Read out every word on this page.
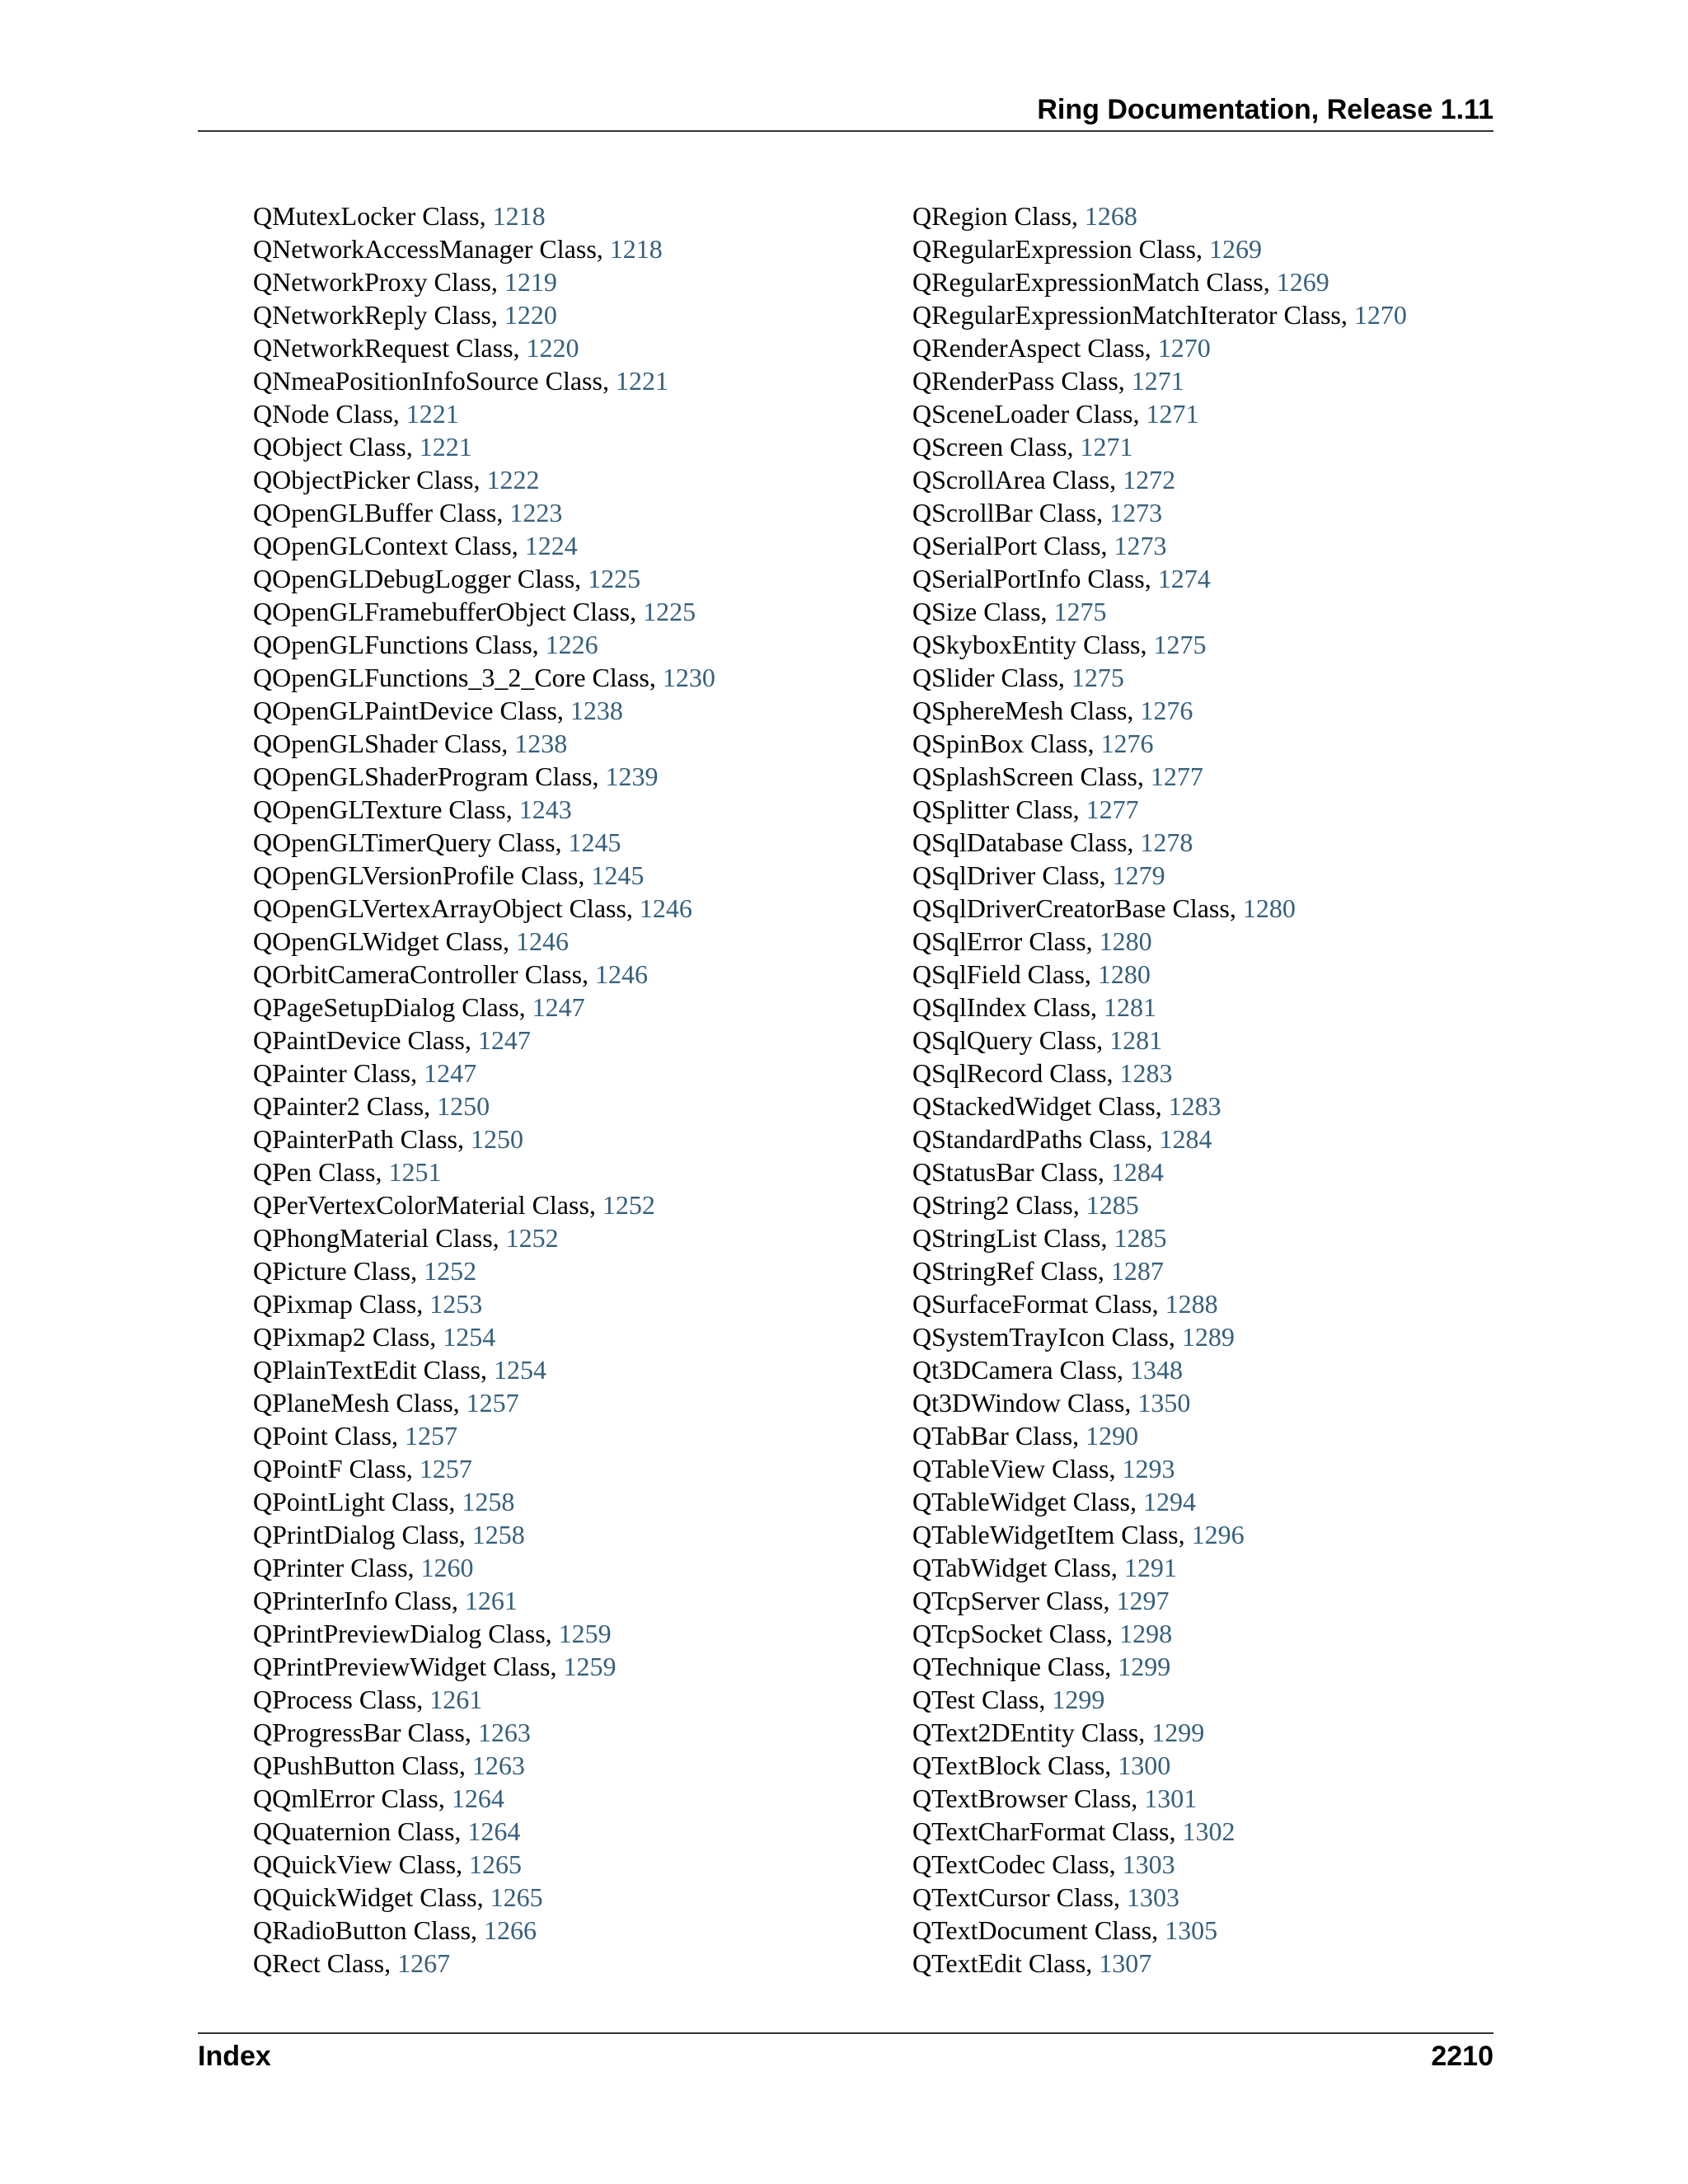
Ring Documentation, Release 1.11
QMutexLocker Class, 1218
QNetworkAccessManager Class, 1218
QNetworkProxy Class, 1219
QNetworkReply Class, 1220
QNetworkRequest Class, 1220
QNmeaPositionInfoSource Class, 1221
QNode Class, 1221
QObject Class, 1221
QObjectPicker Class, 1222
QOpenGLBuffer Class, 1223
QOpenGLContext Class, 1224
QOpenGLDebugLogger Class, 1225
QOpenGLFramebufferObject Class, 1225
QOpenGLFunctions Class, 1226
QOpenGLFunctions_3_2_Core Class, 1230
QOpenGLPaintDevice Class, 1238
QOpenGLShader Class, 1238
QOpenGLShaderProgram Class, 1239
QOpenGLTexture Class, 1243
QOpenGLTimerQuery Class, 1245
QOpenGLVersionProfile Class, 1245
QOpenGLVertexArrayObject Class, 1246
QOpenGLWidget Class, 1246
QOrbitCameraController Class, 1246
QPageSetupDialog Class, 1247
QPaintDevice Class, 1247
QPainter Class, 1247
QPainter2 Class, 1250
QPainterPath Class, 1250
QPen Class, 1251
QPerVertexColorMaterial Class, 1252
QPhongMaterial Class, 1252
QPicture Class, 1252
QPixmap Class, 1253
QPixmap2 Class, 1254
QPlainTextEdit Class, 1254
QPlaneMesh Class, 1257
QPoint Class, 1257
QPointF Class, 1257
QPointLight Class, 1258
QPrintDialog Class, 1258
QPrinter Class, 1260
QPrinterInfo Class, 1261
QPrintPreviewDialog Class, 1259
QPrintPreviewWidget Class, 1259
QProcess Class, 1261
QProgressBar Class, 1263
QPushButton Class, 1263
QQmlError Class, 1264
QQuaternion Class, 1264
QQuickView Class, 1265
QQuickWidget Class, 1265
QRadioButton Class, 1266
QRect Class, 1267
QRegion Class, 1268
QRegularExpression Class, 1269
QRegularExpressionMatch Class, 1269
QRegularExpressionMatchIterator Class, 1270
QRenderAspect Class, 1270
QRenderPass Class, 1271
QSceneLoader Class, 1271
QScreen Class, 1271
QScrollArea Class, 1272
QScrollBar Class, 1273
QSerialPort Class, 1273
QSerialPortInfo Class, 1274
QSize Class, 1275
QSkyboxEntity Class, 1275
QSlider Class, 1275
QSphereMesh Class, 1276
QSpinBox Class, 1276
QSplashScreen Class, 1277
QSplitter Class, 1277
QSqlDatabase Class, 1278
QSqlDriver Class, 1279
QSqlDriverCreatorBase Class, 1280
QSqlError Class, 1280
QSqlField Class, 1280
QSqlIndex Class, 1281
QSqlQuery Class, 1281
QSqlRecord Class, 1283
QStackedWidget Class, 1283
QStandardPaths Class, 1284
QStatusBar Class, 1284
QString2 Class, 1285
QStringList Class, 1285
QStringRef Class, 1287
QSurfaceFormat Class, 1288
QSystemTrayIcon Class, 1289
Qt3DCamera Class, 1348
Qt3DWindow Class, 1350
QTabBar Class, 1290
QTableView Class, 1293
QTableWidget Class, 1294
QTableWidgetItem Class, 1296
QTabWidget Class, 1291
QTcpServer Class, 1297
QTcpSocket Class, 1298
QTechnique Class, 1299
QTest Class, 1299
QText2DEntity Class, 1299
QTextBlock Class, 1300
QTextBrowser Class, 1301
QTextCharFormat Class, 1302
QTextCodec Class, 1303
QTextCursor Class, 1303
QTextDocument Class, 1305
QTextEdit Class, 1307
Index	2210
